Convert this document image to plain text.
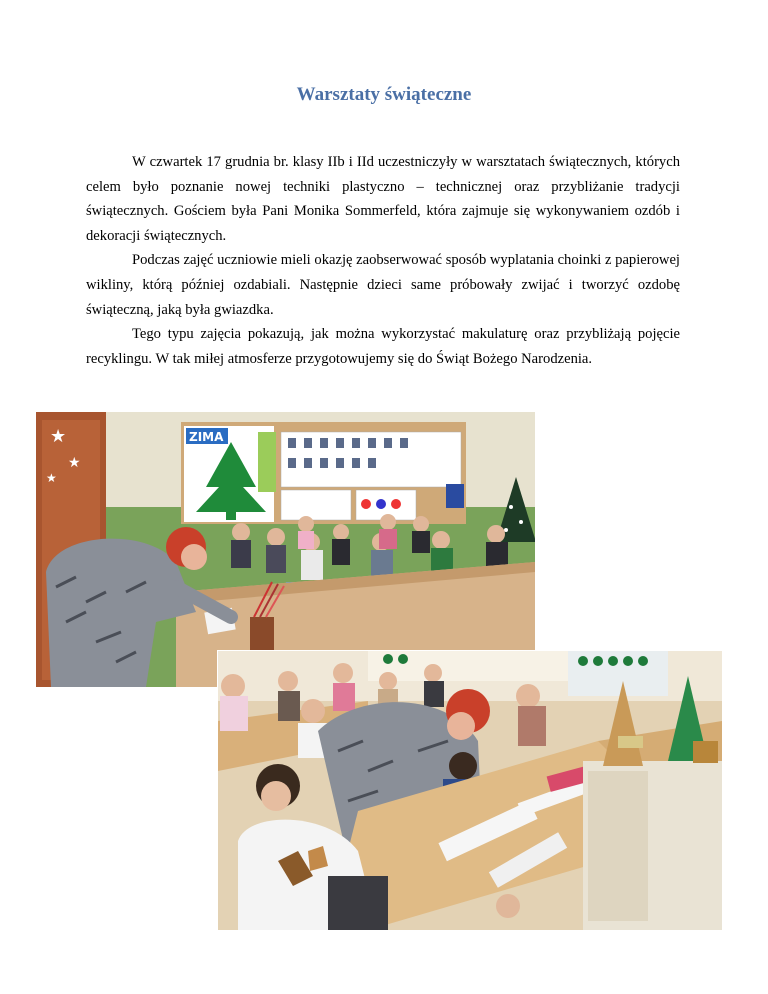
Warsztaty świąteczne

W czwartek 17 grudnia br. klasy IIb i IId uczestniczyły w warsztatach świątecznych, których celem było poznanie nowej techniki plastyczno – technicznej oraz przybliżanie tradycji świątecznych. Gościem była Pani Monika Sommerfeld, która zajmuje się wykonywaniem ozdób i dekoracji świątecznych.

Podczas zajęć uczniowie mieli okazję zaobserwować sposób wyplatania choinki z papierowej wikliny, którą później ozdabiali. Następnie dzieci same próbowały zwijać i tworzyć ozdobę świąteczną, jaką była gwiazdka.

Tego typu zajęcia pokazują, jak można wykorzystać makulaturę oraz przybliżają pojęcie recyklingu. W tak miłej atmosferze przygotowujemy się do Świąt Bożego Narodzenia.

★
★
★
ZIMA
